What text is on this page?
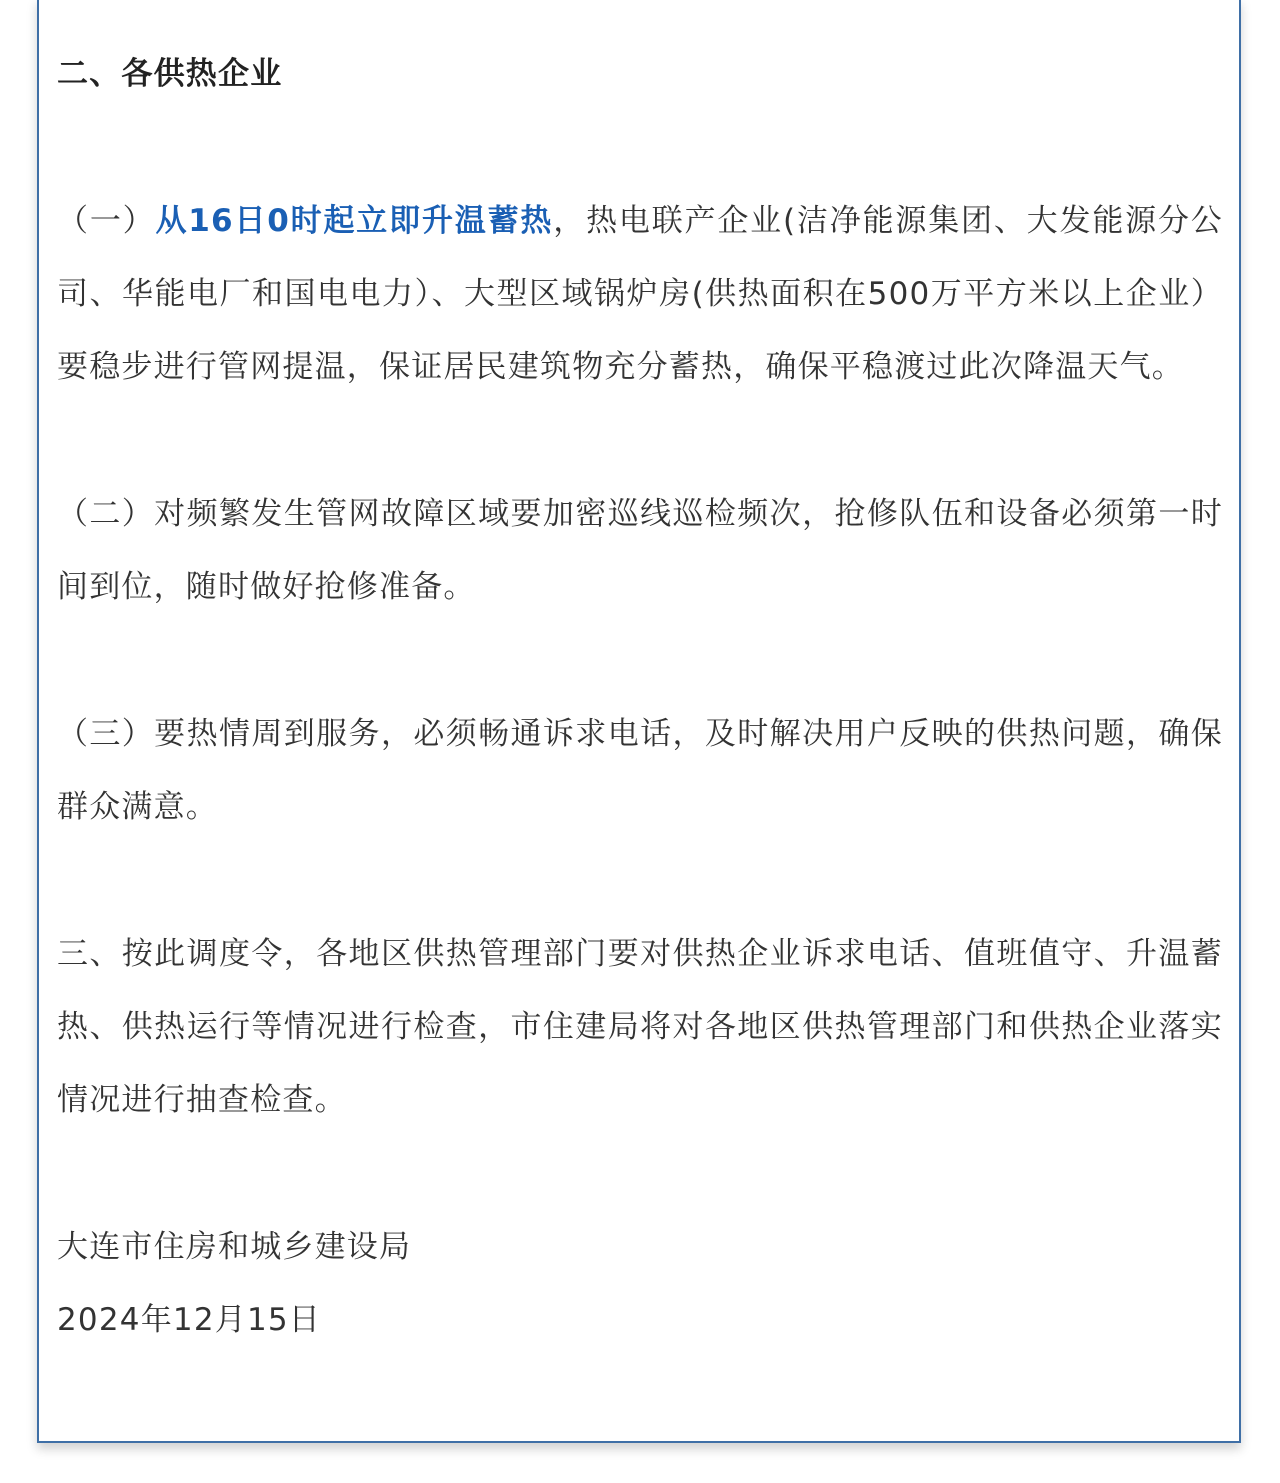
二、各供热企业

（一）从16日0时起立即升温蓄热，热电联产企业(洁净能源集团、大发能源分公司、华能电厂和国电电力）、大型区域锅炉房(供热面积在500万平方米以上企业）要稳步进行管网提温，保证居民建筑物充分蓄热，确保平稳渡过此次降温天气。

（二）对频繁发生管网故障区域要加密巡线巡检频次，抢修队伍和设备必须第一时间到位，随时做好抢修准备。

（三）要热情周到服务，必须畅通诉求电话，及时解决用户反映的供热问题，确保群众满意。

三、按此调度令，各地区供热管理部门要对供热企业诉求电话、值班值守、升温蓄热、供热运行等情况进行检查，市住建局将对各地区供热管理部门和供热企业落实情况进行抽查检查。

大连市住房和城乡建设局

2024年12月15日
